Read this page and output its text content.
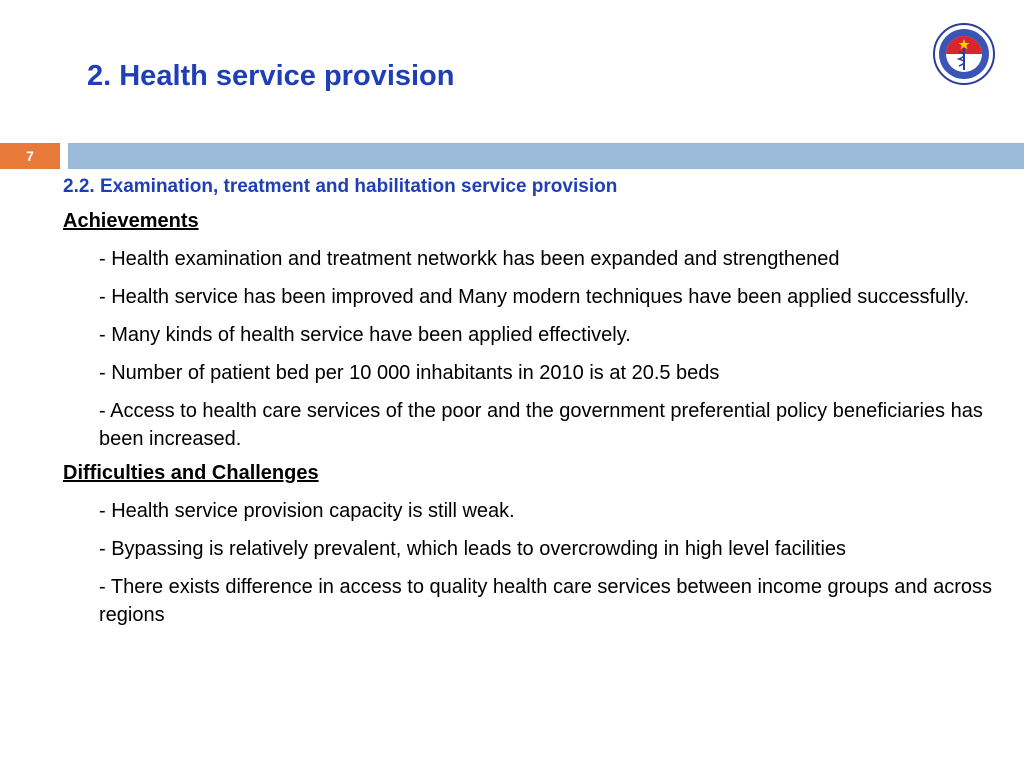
2. Health service provision
7

2.2. Examination, treatment and habilitation service provision

Achievements

- Health examination and treatment networkk has been expanded and strengthened

- Health service has been improved and Many modern techniques have been applied successfully.

- Many kinds of health service have been applied effectively.

- Number of patient bed per 10 000 inhabitants in 2010 is at 20.5 beds

- Access to health care services of the poor and the government preferential policy beneficiaries has been increased.

Difficulties and Challenges

- Health service provision capacity is still weak.

- Bypassing is relatively prevalent, which leads to overcrowding in high level facilities

- There exists difference in access to quality health care services between income groups and across regions
